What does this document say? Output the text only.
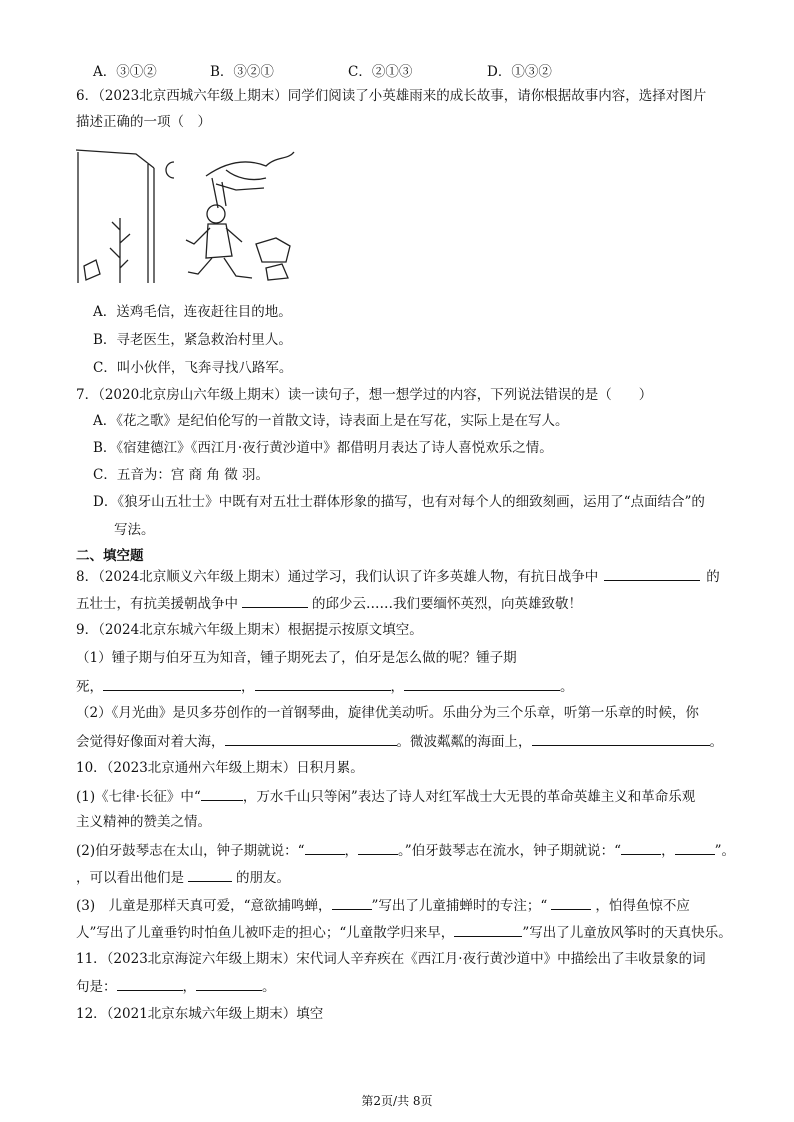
A．③①②	B．③②①	C．②①③	D．①③②
6．（2023北京西城六年级上期末）同学们阅读了小英雄雨来的成长故事，请你根据故事内容，选择对图片
描述正确的一项（　）
A．送鸡毛信，连夜赶往目的地。
B．寻老医生，紧急救治村里人。
C．叫小伙伴，飞奔寻找八路军。
7．（2020北京房山六年级上期末）读一读句子，想一想学过的内容，下列说法错误的是（　　）
A．《花之歌》是纪伯伦写的一首散文诗，诗表面上是在写花，实际上是在写人。
B．《宿建德江》《西江月·夜行黄沙道中》都借明月表达了诗人喜悦欢乐之情。
C．五音为：宫 商 角 徵 羽。
D．《狼牙山五壮士》中既有对五壮士群体形象的描写，也有对每个人的细致刻画，运用了“点面结合”的
写法。
二、填空题
8．（2024北京顺义六年级上期末）通过学习，我们认识了许多英雄人物，有抗日战争中	的
五壮士，有抗美援朝战争中	的邱少云……我们要缅怀英烈，向英雄致敬！
9．（2024北京东城六年级上期末）根据提示按原文填空。
（1）锺子期与伯牙互为知音，锺子期死去了，伯牙是怎么做的呢？锺子期
死，	，	，	。
（2）《月光曲》是贝多芬创作的一首钢琴曲，旋律优美动听。乐曲分为三个乐章，听第一乐章的时候，你
会觉得好像面对着大海，	。微波粼粼的海面上，	。
10．（2023北京通州六年级上期末）日积月累。
(1)《七律·长征》中“	，万水千山只等闲”表达了诗人对红军战士大无畏的革命英雄主义和革命乐观
主义精神的赞美之情。
(2)伯牙鼓琴志在太山，钟子期就说：“	，	。”伯牙鼓琴志在流水，钟子期就说：“	，	”。
，可以看出他们是	的朋友。
(3)　儿童是那样天真可爱，“意欲捕鸣蝉，	”写出了儿童捕蝉时的专注；“	，怕得鱼惊不应
人”写出了儿童垂钓时怕鱼儿被吓走的担心；“儿童散学归来早，	”写出了儿童放风筝时的天真快乐。
11．（2023北京海淀六年级上期末）宋代词人辛弃疾在《西江月·夜行黄沙道中》中描绘出了丰收景象的词
句是：	，	。
12．（2021北京东城六年级上期末）填空
第2页/共 8页
